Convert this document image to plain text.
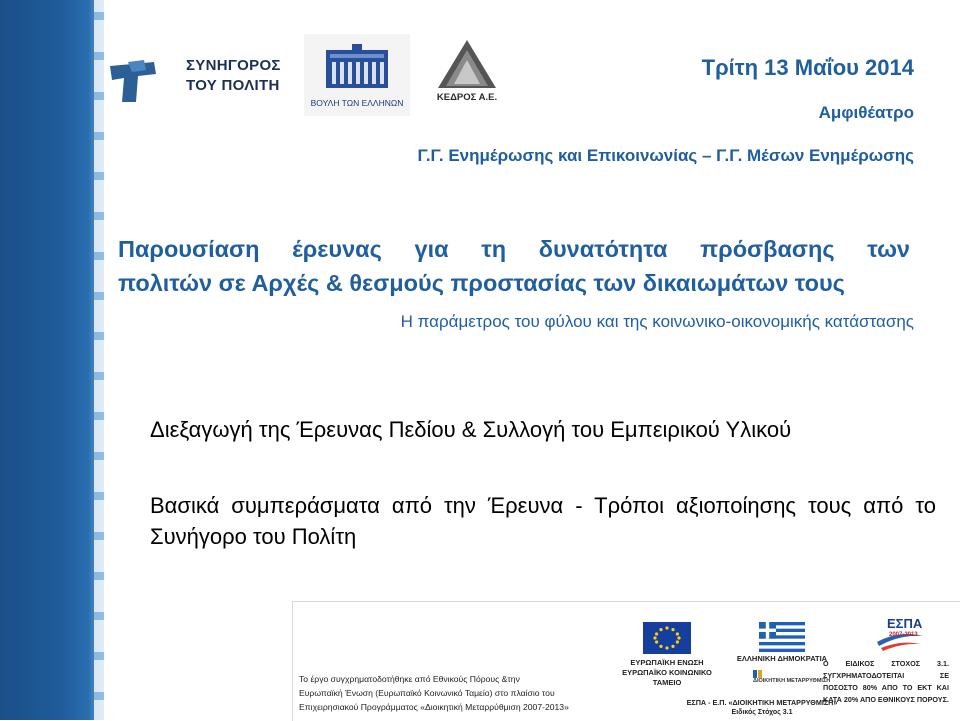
ΣΥΝΗΓΟΡΟΣ
ΤΟΥ ΠΟΛΙΤΗ
ΒΟΥΛΗ ΤΩΝ ΕΛΛΗΝΩΝ	ΚΕΔΡΟΣ Α.Ε.
Τρίτη 13 Μαΐου 2014
Αμφιθέατρο
Γ.Γ. Ενημέρωσης και Επικοινωνίας – Γ.Γ. Μέσων Ενημέρωσης
Παρουσίαση έρευνας για τη δυνατότητα πρόσβασης των
πολιτών σε Αρχές & θεσμούς προστασίας των δικαιωμάτων τους
Η παράμετρος του φύλου και της κοινωνικο-οικονομικής κατάστασης
Διεξαγωγή της Έρευνας Πεδίου & Συλλογή του Εμπειρικού Υλικού
Βασικά συμπεράσματα από την Έρευνα - Τρόποι αξιοποίησης τους από το Συνήγορο του Πολίτη
Το έργο συγχρηματοδοτήθηκε από Εθνικούς Πόρους &την
Ευρωπαϊκή Ένωση (Ευρωπαϊκό Κοινωνικό Ταμείο) στο πλαίσιο του
Επιχειρησιακού Προγράμματος «Διοικητική Μεταρρύθμιση 2007-2013»
ΕΥΡΩΠΑΪΚΗ ΕΝΩΣΗ
ΕΥΡΩΠΑΪΚΟ ΚΟΙΝΩΝΙΚΟ
ΤΑΜΕΙΟ
ΕΛΛΗΝΙΚΗ ΔΗΜΟΚΡΑΤΙΑ
ΔΙΟΙΚΗΤΙΚΗ ΜΕΤΑΡΡΥΘΜΙΣΗ
ΕΣΠΑ - Ε.Π. «ΔΙΟΙΚΗΤΙΚΗ ΜΕΤΑΡΡΥΘΜΙΣΗ»
Ειδικός Στόχος 3.1
ΕΣΠΑ
2007-2013
Ο ΕΙΔΙΚΟΣ ΣΤΟΧΟΣ 3.1. ΣΥΓΧΡΗΜΑΤΟΔΟΤΕΙΤΑΙ ΣΕ ΠΟΣΟΣΤΟ 80% ΑΠΟ ΤΟ ΕΚΤ ΚΑΙ ΚΑΤΑ 20% ΑΠΟ ΕΘΝΙΚΟΥΣ ΠΟΡΟΥΣ.
